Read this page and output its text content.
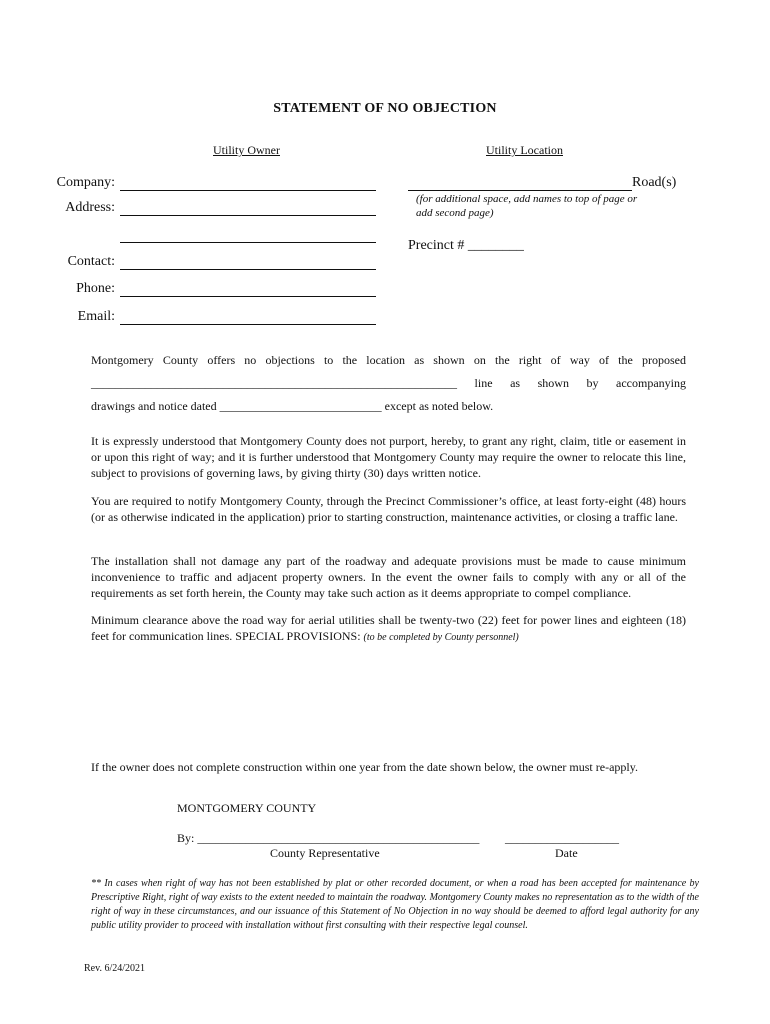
STATEMENT OF NO OBJECTION
Utility Owner	Utility Location
Company:
Address:
Contact:
Phone:
Email:
Road(s)
(for additional space, add names to top of page or add second page)
Precinct # ________
Montgomery County offers no objections to the location as shown on the right of way of the proposed
_____________________________________________________________ line as shown by accompanying
drawings and notice dated ___________________________ except as noted below.
It is expressly understood that Montgomery County does not purport, hereby, to grant any right, claim, title or easement in or upon this right of way; and it is further understood that Montgomery County may require the owner to relocate this line, subject to provisions of governing laws, by giving thirty (30) days written notice.
You are required to notify Montgomery County, through the Precinct Commissioner’s office, at least forty-eight (48) hours (or as otherwise indicated in the application) prior to starting construction, maintenance activities, or closing a traffic lane.
The installation shall not damage any part of the roadway and adequate provisions must be made to cause minimum inconvenience to traffic and adjacent property owners. In the event the owner fails to comply with any or all of the requirements as set forth herein, the County may take such action as it deems appropriate to compel compliance.
Minimum clearance above the road way for aerial utilities shall be twenty-two (22) feet for power lines and eighteen (18) feet for communication lines. SPECIAL PROVISIONS: (to be completed by County personnel)
If the owner does not complete construction within one year from the date shown below, the owner must re-apply.
MONTGOMERY COUNTY
By: _______________________________________________ ___________________
County Representative	Date
** In cases when right of way has not been established by plat or other recorded document, or when a road has been accepted for maintenance by Prescriptive Right, right of way exists to the extent needed to maintain the roadway. Montgomery County makes no representation as to the width of the right of way in these circumstances, and our issuance of this Statement of No Objection in no way should be deemed to afford legal authority for any public utility provider to proceed with installation without first consulting with their respective legal counsel.
Rev. 6/24/2021
